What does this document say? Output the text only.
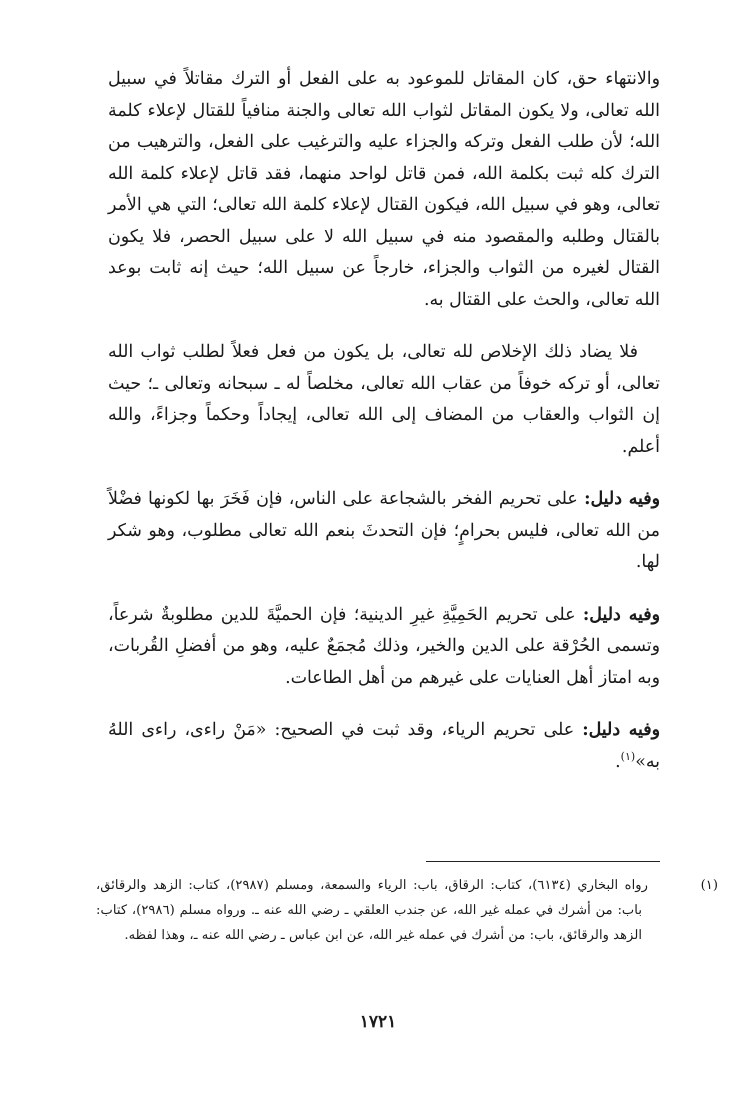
والانتهاء حق، كان المقاتل للموعود به على الفعل أو الترك مقاتلاً في سبيل الله تعالى، ولا يكون المقاتل لثواب الله تعالى والجنة منافياً للقتال لإعلاء كلمة الله؛ لأن طلب الفعل وتركه والجزاء عليه والترغيب على الفعل، والترهيب من الترك كله ثبت بكلمة الله، فمن قاتل لواحد منهما، فقد قاتل لإعلاء كلمة الله تعالى، وهو في سبيل الله، فيكون القتال لإعلاء كلمة الله تعالى؛ التي هي الأمر بالقتال وطلبه والمقصود منه في سبيل الله لا على سبيل الحصر، فلا يكون القتال لغيره من الثواب والجزاء، خارجاً عن سبيل الله؛ حيث إنه ثابت بوعد الله تعالى، والحث على القتال به.

فلا يضاد ذلك الإخلاص لله تعالى، بل يكون من فعل فعلاً لطلب ثواب الله تعالى، أو تركه خوفاً من عقاب الله تعالى، مخلصاً له ـ سبحانه وتعالى ـ؛ حيث إن الثواب والعقاب من المضاف إلى الله تعالى، إيجاداً وحكماً وجزاءً، والله أعلم.

وفيه دليل: على تحريم الفخر بالشجاعة على الناس، فإن فَخَرَ بها لكونها فضْلاً من الله تعالى، فليس بحرامٍ؛ فإن التحدثَ بنعم الله تعالى مطلوب، وهو شكر لها.

وفيه دليل: على تحريم الحَمِيَّةِ غيرِ الدينية؛ فإن الحميَّةَ للدين مطلوبةٌ شرعاً، وتسمى الحُرْقة على الدين والخير، وذلك مُجمَعٌ عليه، وهو من أفضلِ القُربات، وبه امتاز أهل العنايات على غيرهم من أهل الطاعات.

وفيه دليل: على تحريم الرياء، وقد ثبت في الصحيح: «مَنْ راءى، راءى اللهُ به»$^{(١)}$.

(١)رواه البخاري (٦١٣٤)، كتاب: الرقاق، باب: الرياء والسمعة، ومسلم (٢٩٨٧)، كتاب: الزهد والرقائق، باب: من أشرك في عمله غير الله، عن جندب العلقي ـ رضي الله عنه ـ. ورواه مسلم (٢٩٨٦)، كتاب: الزهد والرقائق، باب: من أشرك في عمله غير الله، عن ابن عباس ـ رضي الله عنه ـ، وهذا لفظه.

١٧٢١
